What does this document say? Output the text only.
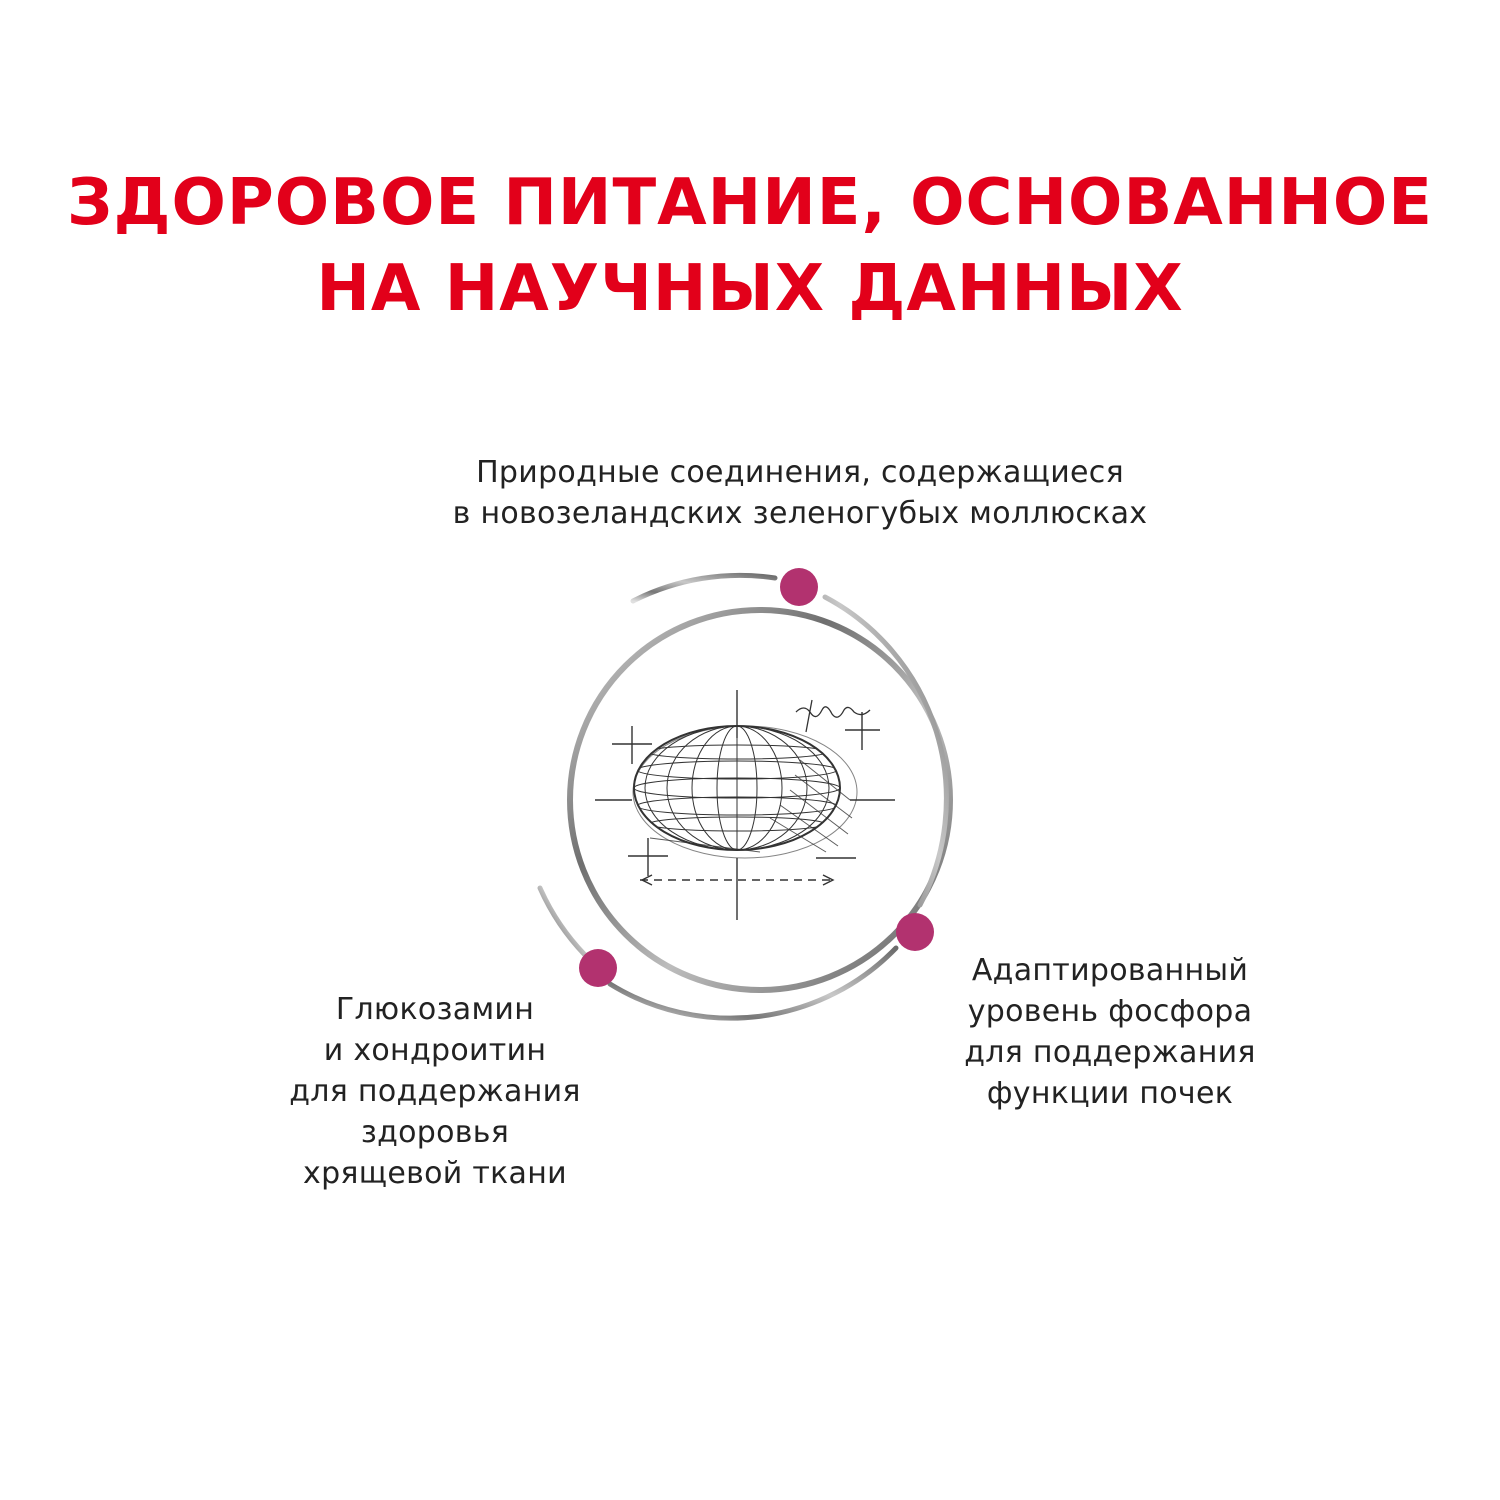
ЗДОРОВОЕ ПИТАНИЕ, ОСНОВАННОЕ
НА НАУЧНЫХ ДАННЫХ
Природные соединения, содержащиеся
в новозеландских зеленогубых моллюсках
Адаптированный
уровень фосфора
для поддержания
функции почек
Глюкозамин
и хондроитин
для поддержания
здоровья
хрящевой ткани
